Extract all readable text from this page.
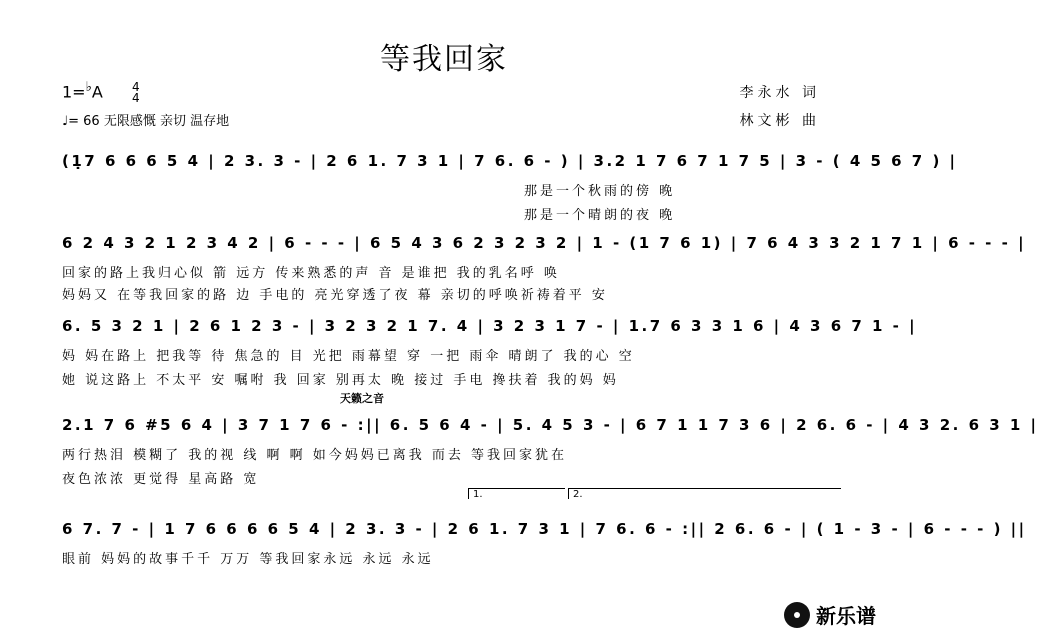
等我回家
1=♭A 4
4
♩= 66 无限感慨 亲切 温存地
李永水 词
林文彬 曲
(1̣7 6 6 6 5 4 | 2 3. 3 - | 2 6 1. 7 3 1 | 7 6. 6 - ) | 3.2 1 7 6 7 1 7 5 | 3 - ( 4 5 6 7 ) |
那是一个秋雨的傍 晚
那是一个晴朗的夜 晚
6 2 4 3 2 1 2 3 4 2 | 6 - - - | 6 5 4 3 6 2 3 2 3 2 | 1 - (1 7 6 1) | 7 6 4 3 3 2 1 7 1 | 6 - - - |
回家的路上我归心似 箭 远方 传来熟悉的声 音 是谁把 我的乳名呼 唤
妈妈又 在等我回家的路 边 手电的 亮光穿透了夜 幕 亲切的呼唤祈祷着平 安
6. 5 3 2 1 | 2 6 1 2 3 - | 3 2 3 2 1 7. 4 | 3 2 3 1 7 - | 1.7 6 3 3 1 6 | 4 3 6 7 1 - |
妈 妈在路上 把我等 待 焦急的 目 光把 雨幕望 穿 一把 雨伞 晴朗了 我的心 空
她 说这路上 不太平 安 嘱咐 我 回家 别再太 晚 接过 手电 搀扶着 我的妈 妈
天籁之音
2.1 7 6 #5 6 4 | 3 7 1 7 6 - :|| 6. 5 6 4 - | 5. 4 5 3 - | 6 7 1 1 7 3 6 | 2 6. 6 - | 4 3 2. 6 3 1 |
两行热泪 模糊了 我的视 线 啊 啊 如今妈妈已离我 而去 等我回家犹在
夜色浓浓 更觉得 星高路 宽
1.	2.
6 7. 7 - | 1 7 6 6 6 6 5 4 | 2 3. 3 - | 2 6 1. 7 3 1 | 7 6. 6 - :|| 2 6. 6 - | ( 1 - 3 - | 6 - - - ) ||
眼前 妈妈的故事千千 万万 等我回家永远 永远 永远
新乐谱
